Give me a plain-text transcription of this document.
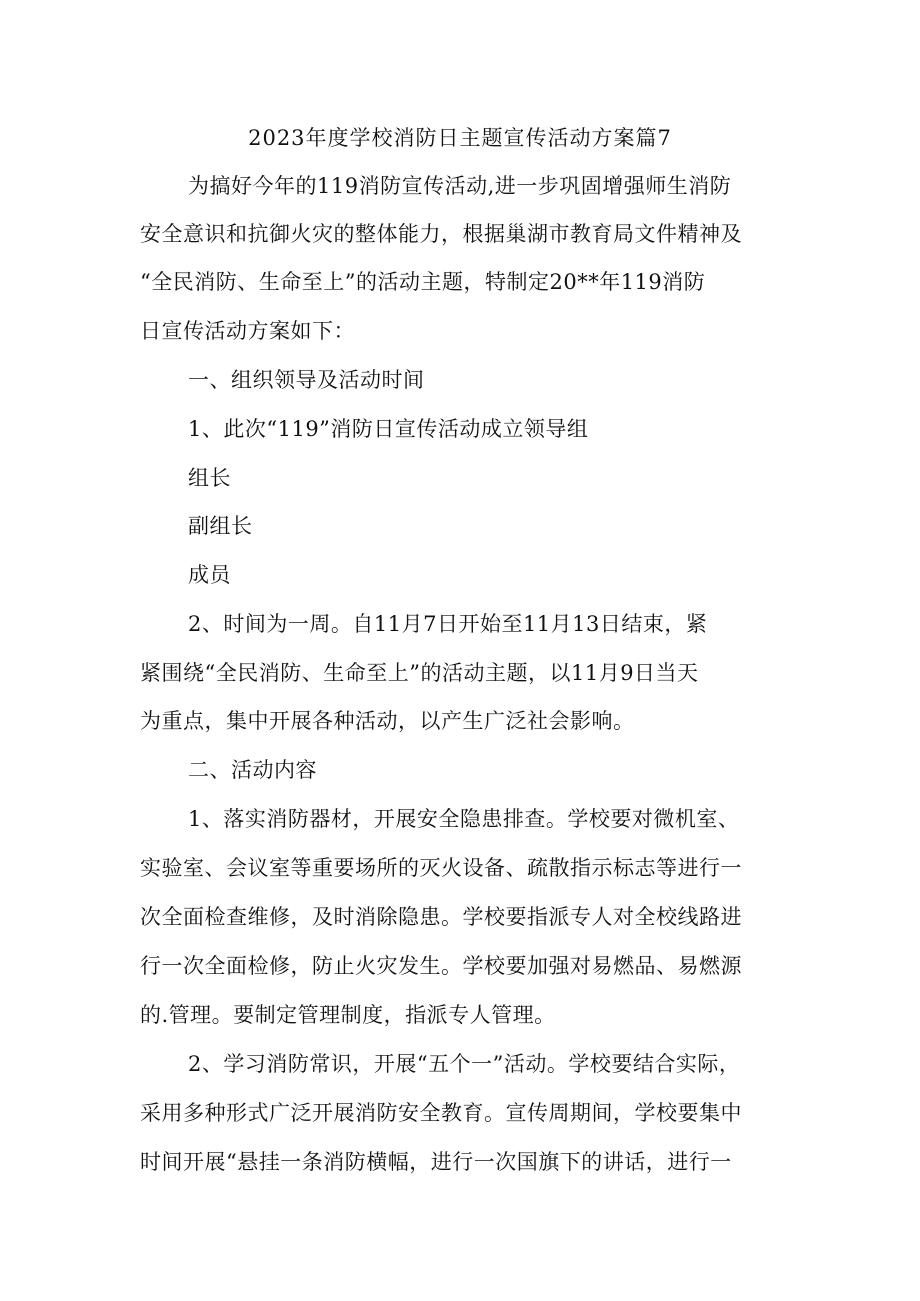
2023年度学校消防日主题宣传活动方案篇7
为搞好今年的119消防宣传活动,进一步巩固增强师生消防
安全意识和抗御火灾的整体能力，根据巢湖市教育局文件精神及
“全民消防、生命至上”的活动主题，特制定20**年119消防
日宣传活动方案如下：
一、组织领导及活动时间
1、此次“119”消防日宣传活动成立领导组
组长
副组长
成员
2、时间为一周。自11月7日开始至11月13日结束，紧
紧围绕“全民消防、生命至上”的活动主题，以11月9日当天
为重点，集中开展各种活动，以产生广泛社会影响。
二、活动内容
1、落实消防器材，开展安全隐患排查。学校要对微机室、
实验室、会议室等重要场所的灭火设备、疏散指示标志等进行一
次全面检查维修，及时消除隐患。学校要指派专人对全校线路进
行一次全面检修，防止火灾发生。学校要加强对易燃品、易燃源
的.管理。要制定管理制度，指派专人管理。
2、学习消防常识，开展“五个一”活动。学校要结合实际，
采用多种形式广泛开展消防安全教育。宣传周期间，学校要集中
时间开展“悬挂一条消防横幅，进行一次国旗下的讲话，进行一
